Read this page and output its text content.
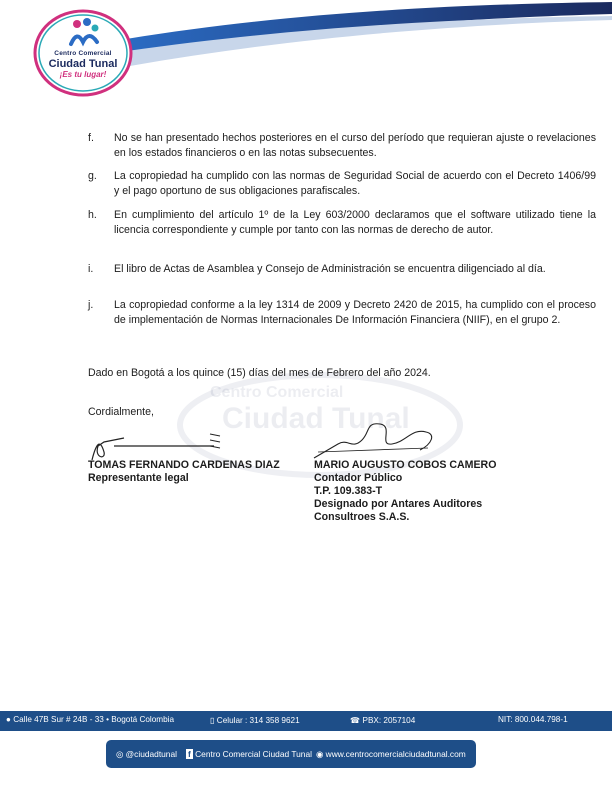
Centro Comercial
Ciudad Tunal
¡Es tu lugar!
Centro Comercial
Ciudad Tunal
f. No se han presentado hechos posteriores en el curso del período que requieran ajuste o revelaciones en los estados financieros o en las notas subsecuentes.
g. La copropiedad ha cumplido con las normas de Seguridad Social de acuerdo con el Decreto 1406/99 y el pago oportuno de sus obligaciones parafiscales.
h. En cumplimiento del artículo 1º de la Ley 603/2000 declaramos que el software utilizado tiene la licencia correspondiente y cumple por tanto con las normas de derecho de autor.
i. El libro de Actas de Asamblea y Consejo de Administración se encuentra diligenciado al día.
j. La copropiedad conforme a la ley 1314 de 2009 y Decreto 2420 de 2015, ha cumplido con el proceso de implementación de Normas Internacionales De Información Financiera (NIIF), en el grupo 2.
Dado en Bogotá a los quince (15) días del mes de Febrero del año 2024.
Cordialmente,
TOMAS FERNANDO CARDENAS DIAZ
Representante legal
MARIO AUGUSTO COBOS CAMERO
Contador Público
T.P. 109.383-T
Designado por Antares Auditores
Consultroes S.A.S.
● Calle 47B Sur # 24B - 33 • Bogotá Colombia	▯ Celular : 314 358 9621	☎ PBX: 2057104	NIT: 800.044.798-1
◎ @ciudadtunal f Centro Comercial Ciudad Tunal ◉ www.centrocomercialciudadtunal.com
